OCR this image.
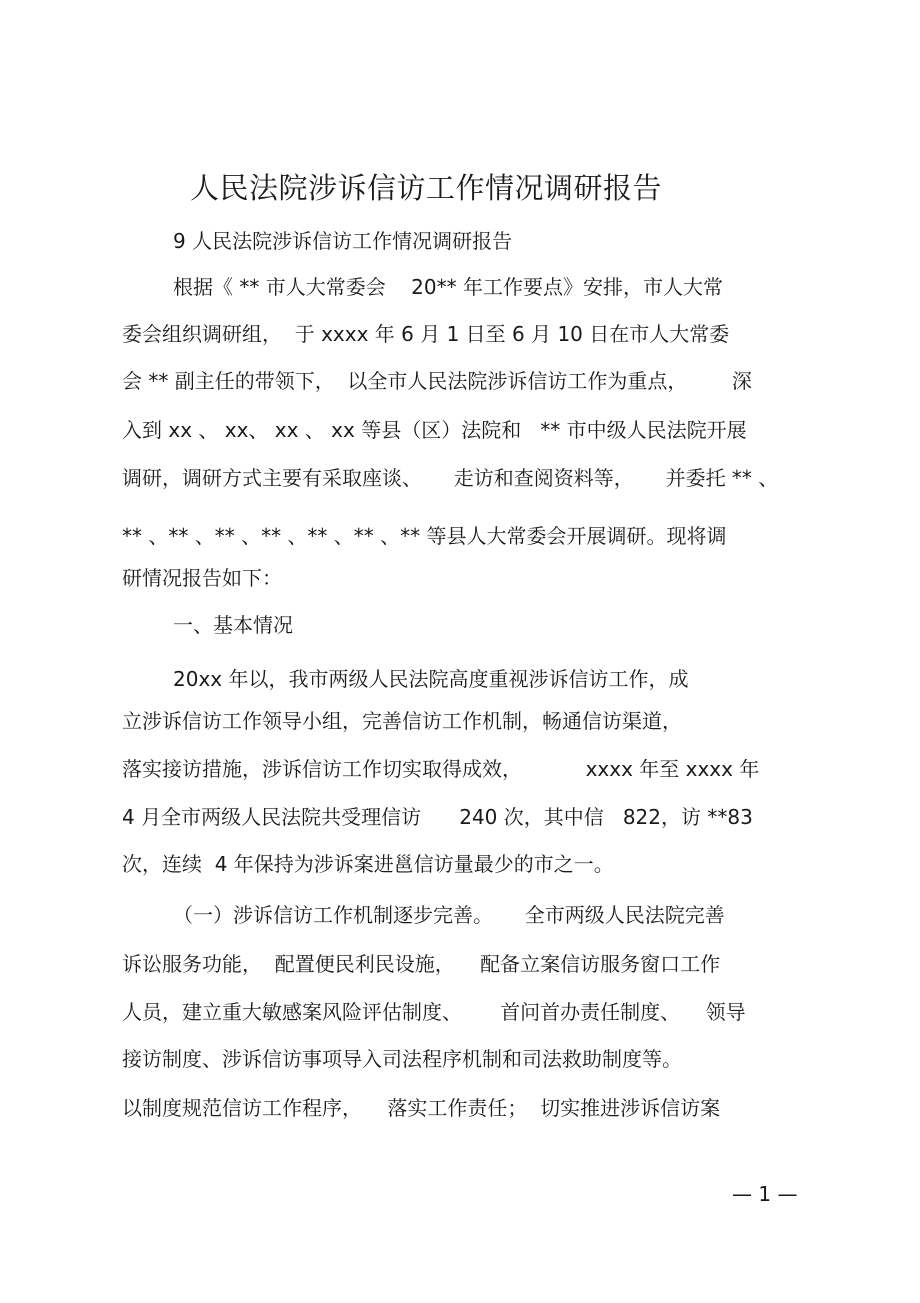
人民法院涉诉信访工作情况调研报告
9 人民法院涉诉信访工作情况调研报告
根据《 ** 市人大常委会    20** 年工作要点》安排，市人大常
委会组织调研组，  于 xxxx 年 6 月 1 日至 6 月 10 日在市人大常委
会 ** 副主任的带领下，  以全市人民法院涉诉信访工作为重点，       深
入到 xx 、 xx、 xx 、 xx 等县（区）法院和   ** 市中级人民法院开展
调研，调研方式主要有采取座谈、     走访和查阅资料等，     并委托 ** 、
** 、** 、** 、** 、** 、** 、** 等县人大常委会开展调研。现将调
研情况报告如下：
一、基本情况
20xx 年以，我市两级人民法院高度重视涉诉信访工作，成
立涉诉信访工作领导小组，完善信访工作机制，畅通信访渠道，
落实接访措施，涉诉信访工作切实取得成效，          xxxx 年至 xxxx 年
4 月全市两级人民法院共受理信访      240 次，其中信   822，访 **83
次，连续  4 年保持为涉诉案进邕信访量最少的市之一。
（一）涉诉信访工作机制逐步完善。     全市两级人民法院完善
诉讼服务功能，  配置便民利民设施，    配备立案信访服务窗口工作
人员，建立重大敏感案风险评估制度、      首问首办责任制度、    领导
接访制度、涉诉信访事项导入司法程序机制和司法救助制度等。
以制度规范信访工作程序，    落实工作责任；  切实推进涉诉信访案
— 1 —
